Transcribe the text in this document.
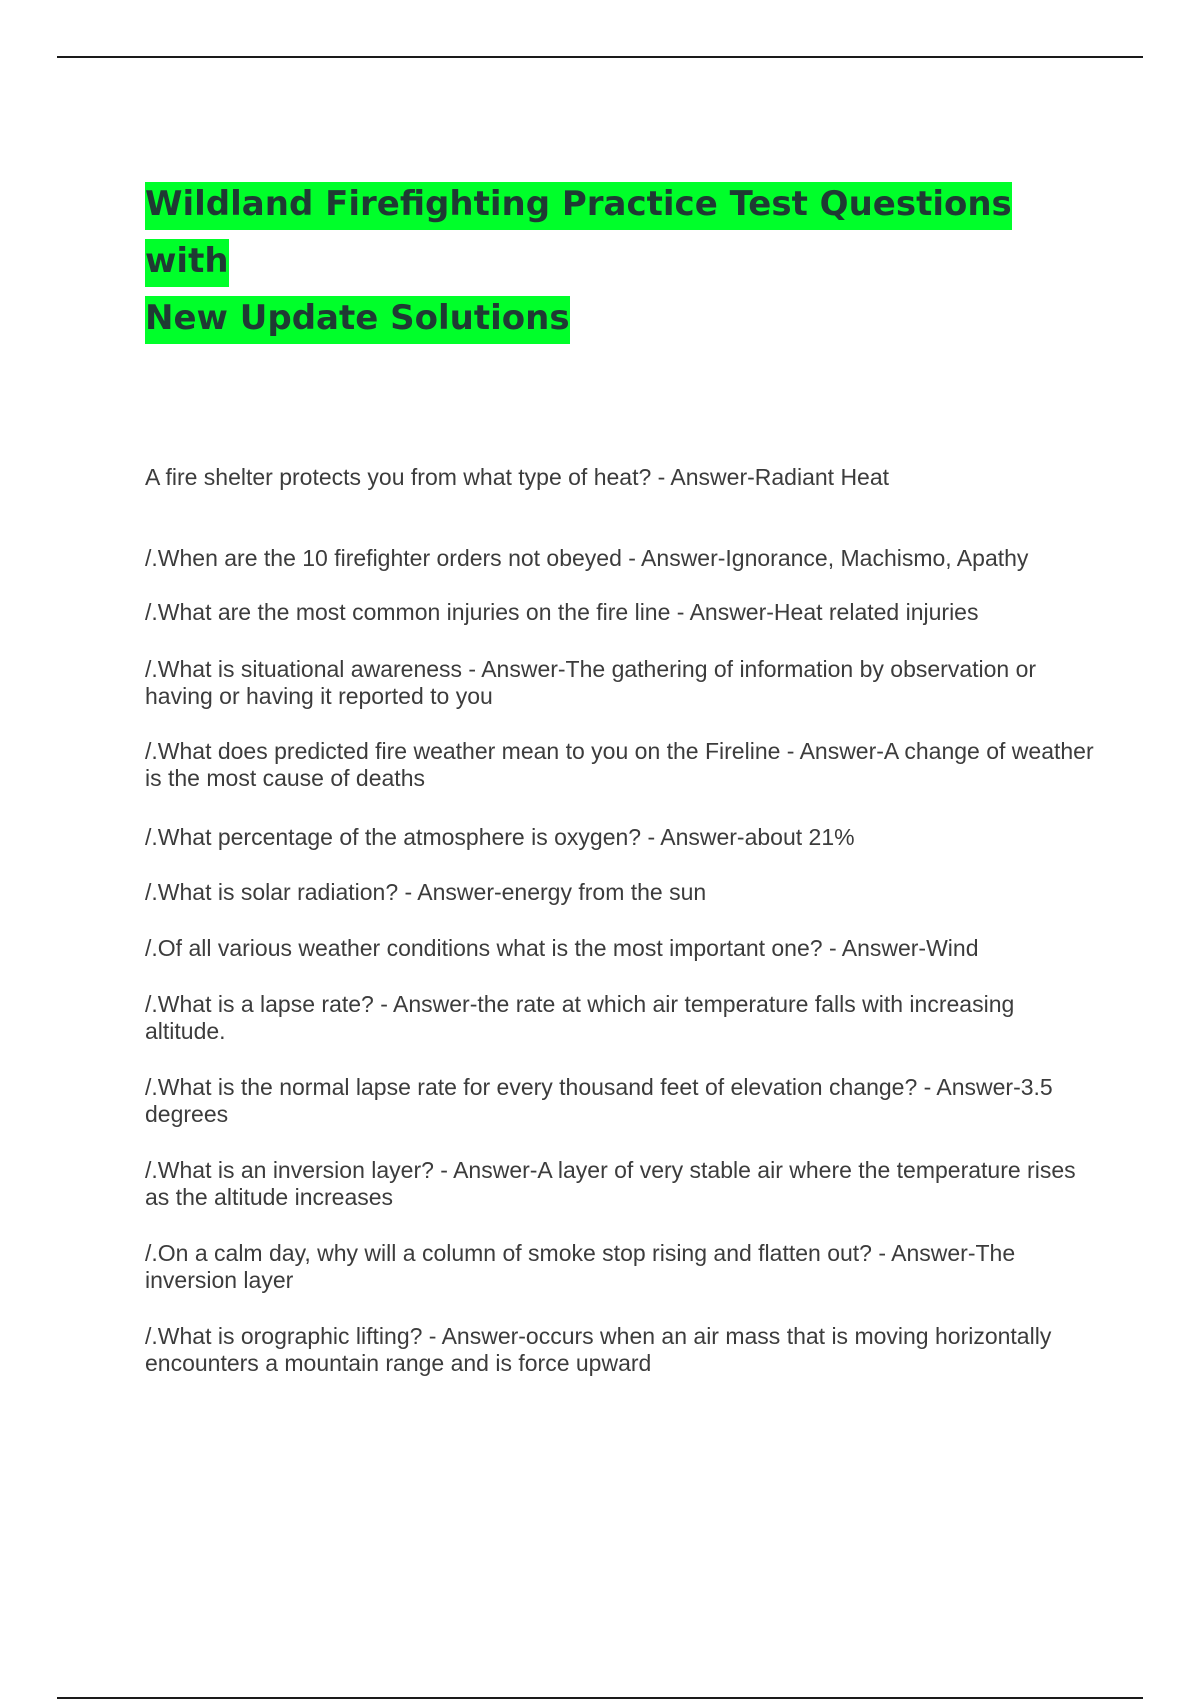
Wildland Firefighting Practice Test Questions with
New Update Solutions
A fire shelter protects you from what type of heat? - Answer-Radiant Heat
/.When are the 10 firefighter orders not obeyed - Answer-Ignorance, Machismo, Apathy
/.What are the most common injuries on the fire line - Answer-Heat related injuries
/.What is situational awareness - Answer-The gathering of information by observation or having or having it reported to you
/.What does predicted fire weather mean to you on the Fireline - Answer-A change of weather is the most cause of deaths
/.What percentage of the atmosphere is oxygen? - Answer-about 21%
/.What is solar radiation? - Answer-energy from the sun
/.Of all various weather conditions what is the most important one? - Answer-Wind
/.What is a lapse rate? - Answer-the rate at which air temperature falls with increasing altitude.
/.What is the normal lapse rate for every thousand feet of elevation change? - Answer-3.5 degrees
/.What is an inversion layer? - Answer-A layer of very stable air where the temperature rises as the altitude increases
/.On a calm day, why will a column of smoke stop rising and flatten out? - Answer-The inversion layer
/.What is orographic lifting? - Answer-occurs when an air mass that is moving horizontally encounters a mountain range and is force upward
